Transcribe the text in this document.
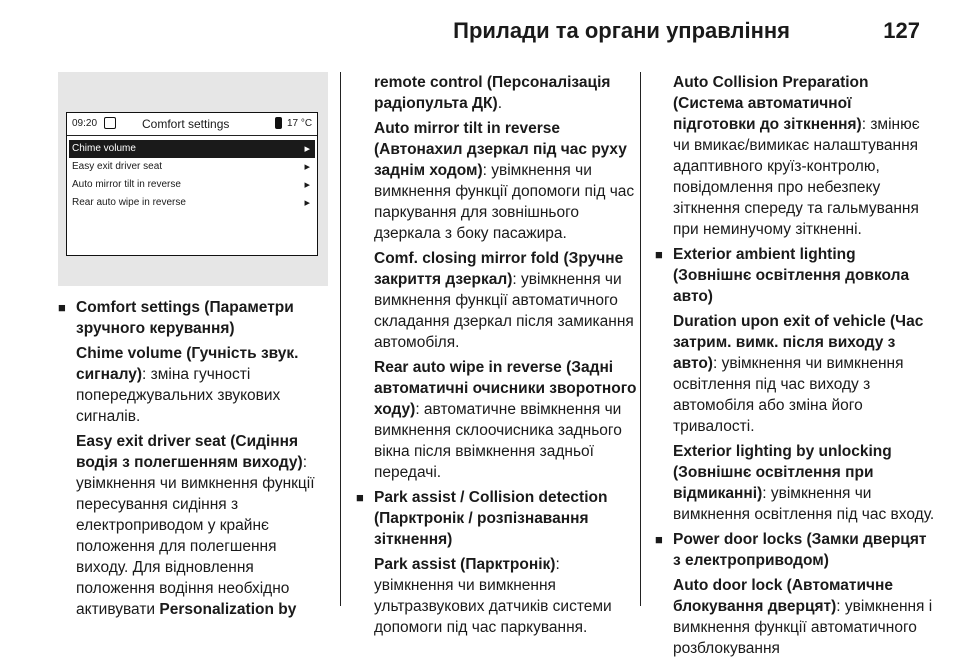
Прилади та органи управління	127
09:20	Comfort settings	17 °C
Chime volume	▸
Easy exit driver seat	▸
Auto mirror tilt in reverse	▸
Rear auto wipe in reverse	▸
■ Comfort settings (Параметри зручного керування)
Chime volume (Гучність звук. сигналу): зміна гучності попереджувальних звукових сигналів.
Easy exit driver seat (Сидіння водія з полегшенням виходу): увімкнення чи вимкнення функції пересування сидіння з електроприводом у крайнє положення для полегшення виходу. Для відновлення положення водіння необхідно активувати Personalization by
remote control (Персоналізація радіопульта ДК).
Auto mirror tilt in reverse (Автонахил дзеркал під час руху заднім ходом): увімкнення чи вимкнення функції допомоги під час паркування для зовнішнього дзеркала з боку пасажира.
Comf. closing mirror fold (Зручне закриття дзеркал): увімкнення чи вимкнення функції автоматичного складання дзеркал після замикання автомобіля.
Rear auto wipe in reverse (Задні автоматичні очисники зворотного ходу): автоматичне ввімкнення чи вимкнення склоочисника заднього вікна після ввімкнення задньої передачі.
■ Park assist / Collision detection (Парктронік / розпізнавання зіткнення)
Park assist (Парктронік): увімкнення чи вимкнення ультразвукових датчиків системи допомоги під час паркування.
Auto Collision Preparation (Система автоматичної підготовки до зіткнення): змінює чи вмикає/вимикає налаштування адаптивного круїз-контролю, повідомлення про небезпеку зіткнення спереду та гальмування при неминучому зіткненні.
■ Exterior ambient lighting (Зовнішнє освітлення довкола авто)
Duration upon exit of vehicle (Час затрим. вимк. після виходу з авто): увімкнення чи вимкнення освітлення під час виходу з автомобіля або зміна його тривалості.
Exterior lighting by unlocking (Зовнішнє освітлення при відмиканні): увімкнення чи вимкнення освітлення під час входу.
■ Power door locks (Замки дверцят з електроприводом)
Auto door lock (Автоматичне блокування дверцят): увімкнення і вимкнення функції автоматичного розблокування
